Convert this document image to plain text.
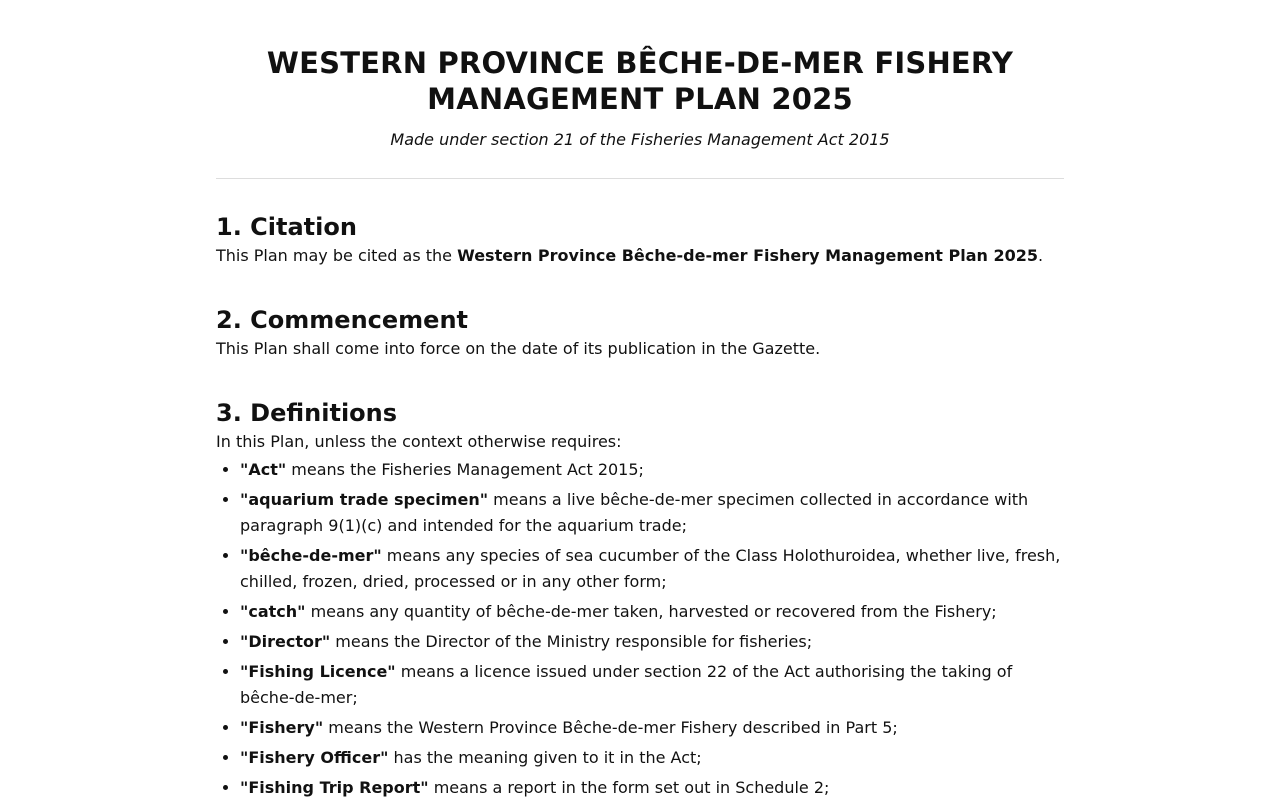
WESTERN PROVINCE BÊCHE-DE-MER FISHERY
MANAGEMENT PLAN 2025

Made under section 21 of the Fisheries Management Act 2015

1. Citation

This Plan may be cited as the Western Province Bêche-de-mer Fishery Management Plan 2025.

2. Commencement

This Plan shall come into force on the date of its publication in the Gazette.

3. Definitions

In this Plan, unless the context otherwise requires:

• "Act" means the Fisheries Management Act 2015;
• "aquarium trade specimen" means a live bêche-de-mer specimen collected in accordance with paragraph 9(1)(c) and intended for the aquarium trade;
• "bêche-de-mer" means any species of sea cucumber of the Class Holothuroidea, whether live, fresh, chilled, frozen, dried, processed or in any other form;
• "catch" means any quantity of bêche-de-mer taken, harvested or recovered from the Fishery;
• "Director" means the Director of the Ministry responsible for fisheries;
• "Fishing Licence" means a licence issued under section 22 of the Act authorising the taking of bêche-de-mer;
• "Fishery" means the Western Province Bêche-de-mer Fishery described in Part 5;
• "Fishery Officer" has the meaning given to it in the Act;
• "Fishing Trip Report" means a report in the form set out in Schedule 2;
